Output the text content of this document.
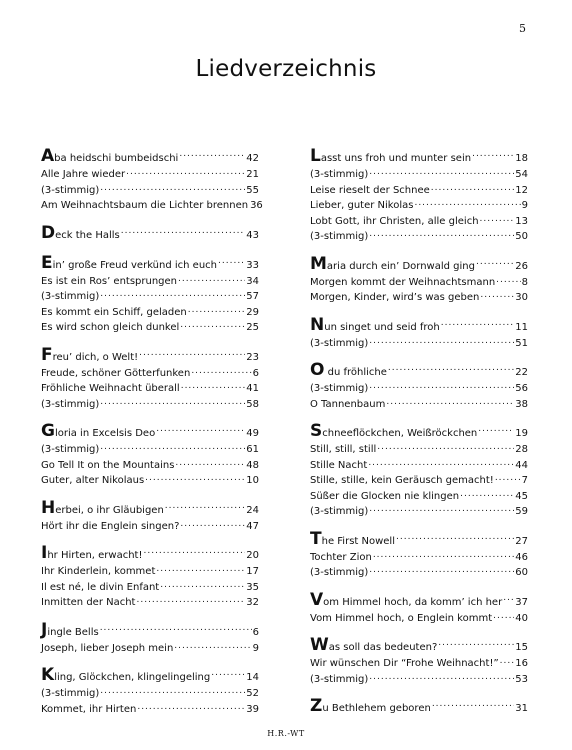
5
Liedverzeichnis
Aba heidschi bumbeidschi .....	42
Alle Jahre wieder .....	21
(3-stimmig) .....	55
Am Weihnachtsbaum die Lichter brennen 36
Deck the Halls .....	43
Ein’ große Freud verkünd ich euch .....	33
Es ist ein Ros’ entsprungen .....	34
(3-stimmig) .....	57
Es kommt ein Schiff, geladen .....	29
Es wird schon gleich dunkel .....	25
Freu’ dich, o Welt! .....	23
Freude, schöner Götterfunken .....	6
Fröhliche Weihnacht überall .....	41
(3-stimmig) .....	58
Gloria in Excelsis Deo .....	49
(3-stimmig) .....	61
Go Tell It on the Mountains .....	48
Guter, alter Nikolaus .....	10
Herbei, o ihr Gläubigen .....	24
Hört ihr die Englein singen? .....	47
Ihr Hirten, erwacht! .....	20
Ihr Kinderlein, kommet .....	17
Il est né, le divin Enfant .....	35
Inmitten der Nacht .....	32
Jingle Bells .....	6
Joseph, lieber Joseph mein .....	9
Kling, Glöckchen, klingelingeling .....	14
(3-stimmig) .....	52
Kommet, ihr Hirten .....	39
Lasst uns froh und munter sein .....	18
(3-stimmig) .....	54
Leise rieselt der Schnee .....	12
Lieber, guter Nikolas .....	9
Lobt Gott, ihr Christen, alle gleich .....	13
(3-stimmig) .....	50
Maria durch ein’ Dornwald ging .....	26
Morgen kommt der Weihnachtsmann .....	8
Morgen, Kinder, wird’s was geben .....	30
Nun singet und seid froh .....	11
(3-stimmig) .....	51
O du fröhliche .....	22
(3-stimmig) .....	56
O Tannenbaum .....	38
Schneeflöckchen, Weißröckchen .....	19
Still, still, still .....	28
Stille Nacht .....	44
Stille, stille, kein Geräusch gemacht! .....	7
Süßer die Glocken nie klingen .....	45
(3-stimmig) .....	59
The First Nowell .....	27
Tochter Zion .....	46
(3-stimmig) .....	60
Vom Himmel hoch, da komm’ ich her ..... 37
Vom Himmel hoch, o Englein kommt ..... 40
Was soll das bedeuten? .....	15
Wir wünschen Dir “Frohe Weihnacht!” ..... 16
(3-stimmig) .....	53
Zu Bethlehem geboren .....	31
H.R.-WT
